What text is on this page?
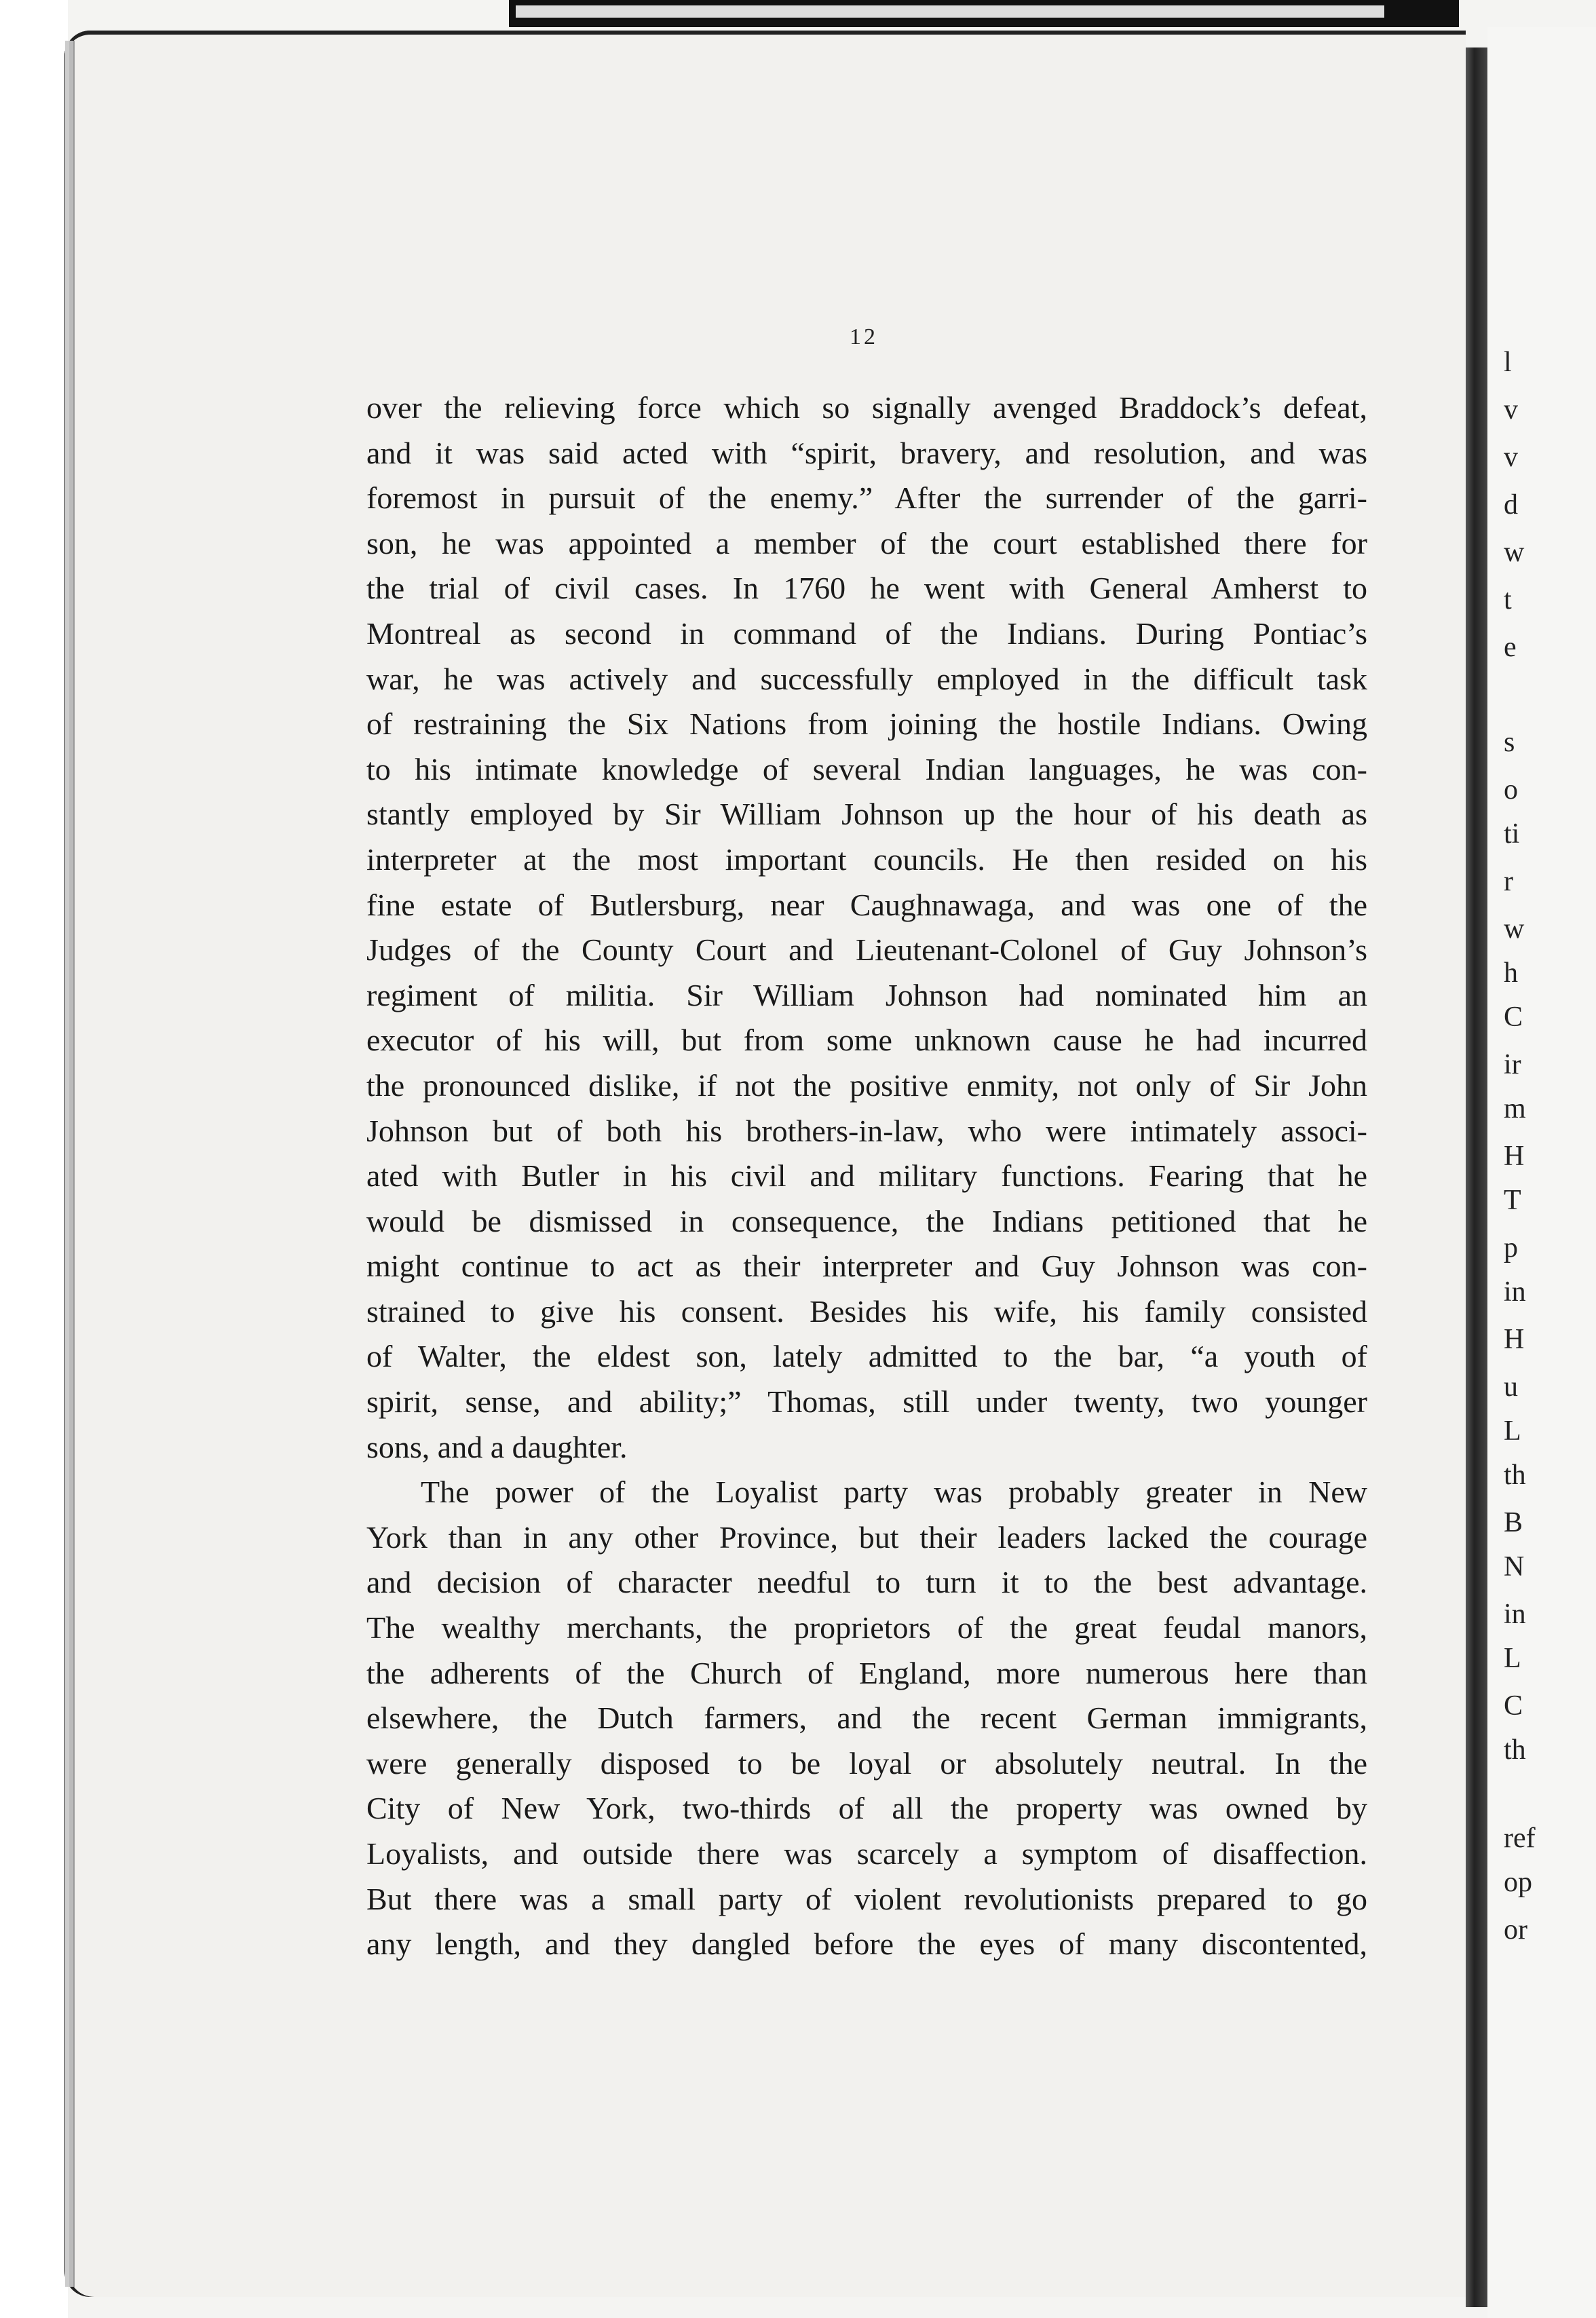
12
over the relieving force which so signally avenged Braddock’s defeat,
and it was said acted with “spirit, bravery, and resolution, and was
foremost in pursuit of the enemy.” After the surrender of the garri-
son, he was appointed a member of the court established there for
the trial of civil cases. In 1760 he went with General Amherst to
Montreal as second in command of the Indians. During Pontiac’s
war, he was actively and successfully employed in the difficult task
of restraining the Six Nations from joining the hostile Indians. Owing
to his intimate knowledge of several Indian languages, he was con-
stantly employed by Sir William Johnson up the hour of his death as
interpreter at the most important councils. He then resided on his
fine estate of Butlersburg, near Caughnawaga, and was one of the
Judges of the County Court and Lieutenant-Colonel of Guy Johnson’s
regiment of militia. Sir William Johnson had nominated him an
executor of his will, but from some unknown cause he had incurred
the pronounced dislike, if not the positive enmity, not only of Sir John
Johnson but of both his brothers-in-law, who were intimately associ-
ated with Butler in his civil and military functions. Fearing that he
would be dismissed in consequence, the Indians petitioned that he
might continue to act as their interpreter and Guy Johnson was con-
strained to give his consent. Besides his wife, his family consisted
of Walter, the eldest son, lately admitted to the bar, “a youth of
spirit, sense, and ability;” Thomas, still under twenty, two younger
sons, and a daughter.
The power of the Loyalist party was probably greater in New
York than in any other Province, but their leaders lacked the courage
and decision of character needful to turn it to the best advantage.
The wealthy merchants, the proprietors of the great feudal manors,
the adherents of the Church of England, more numerous here than
elsewhere, the Dutch farmers, and the recent German immigrants,
were generally disposed to be loyal or absolutely neutral. In the
City of New York, two-thirds of all the property was owned by
Loyalists, and outside there was scarcely a symptom of disaffection.
But there was a small party of violent revolutionists prepared to go
any length, and they dangled before the eyes of many discontented,
l
v
v
d
w
t
e
s
o
ti
r
w
h
C
ir
m
H
T
p
in
H
u
L
th
B
N
in
L
C
th
ref
op
or
